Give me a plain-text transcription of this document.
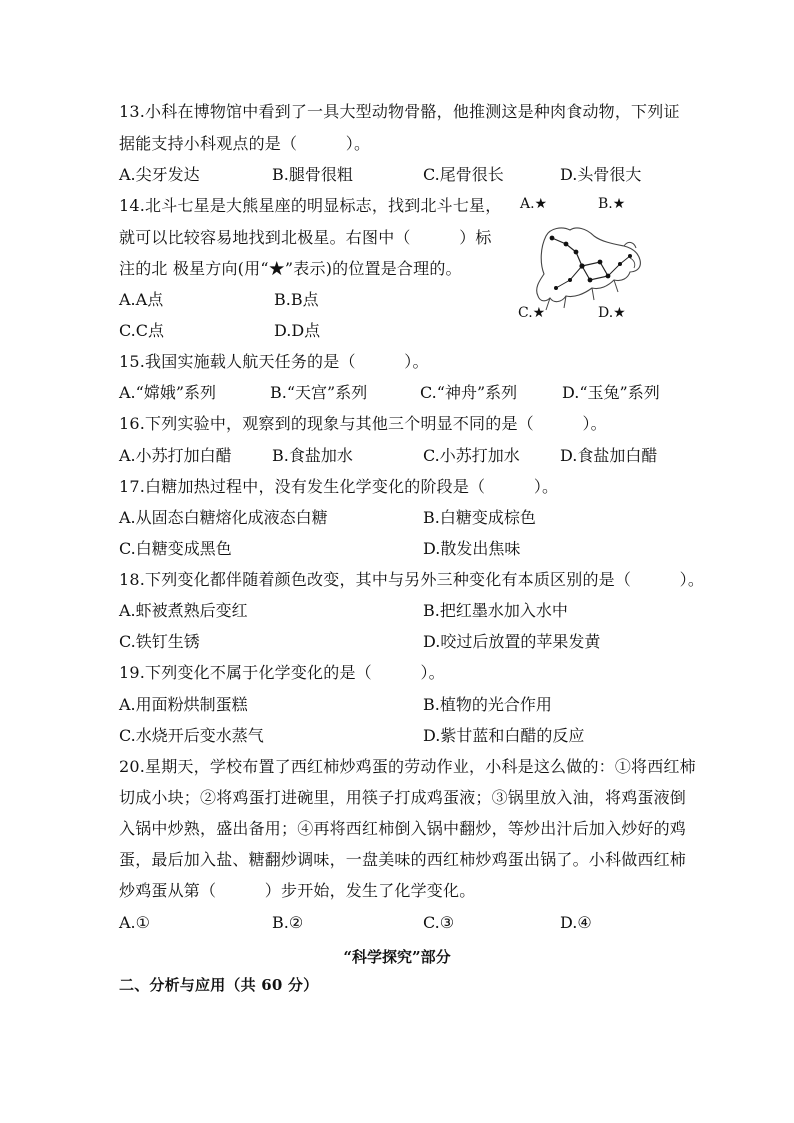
13.小科在博物馆中看到了一具大型动物骨骼，他推测这是种肉食动物，下列证
据能支持小科观点的是（　　　）。
A.尖牙发达	B.腿骨很粗	C.尾骨很长	D.头骨很大
14.北斗七星是大熊星座的明显标志，找到北斗七星，
就可以比较容易地找到北极星。右图中（　　　）标
注的北 极星方向(用“★”表示)的位置是合理的。
A.A点	B.B点
C.C点	D.D点
A.★	B.★
C.★	D.★
15.我国实施载人航天任务的是（　　　）。
A.“嫦娥”系列	B.“天宫”系列	C.“神舟”系列	D.“玉兔”系列
16.下列实验中，观察到的现象与其他三个明显不同的是（　　　）。
A.小苏打加白醋	B.食盐加水	C.小苏打加水	D.食盐加白醋
17.白糖加热过程中，没有发生化学变化的阶段是（　　　）。
A.从固态白糖熔化成液态白糖	B.白糖变成棕色
C.白糖变成黑色	D.散发出焦味
18.下列变化都伴随着颜色改变，其中与另外三种变化有本质区别的是（　　　）。
A.虾被煮熟后变红	B.把红墨水加入水中
C.铁钉生锈	D.咬过后放置的苹果发黄
19.下列变化不属于化学变化的是（　　　）。
A.用面粉烘制蛋糕	B.植物的光合作用
C.水烧开后变水蒸气	D.紫甘蓝和白醋的反应
20.星期天，学校布置了西红柿炒鸡蛋的劳动作业，小科是这么做的：①将西红柿
切成小块；②将鸡蛋打进碗里，用筷子打成鸡蛋液；③锅里放入油，将鸡蛋液倒
入锅中炒熟，盛出备用；④再将西红柿倒入锅中翻炒，等炒出汁后加入炒好的鸡
蛋，最后加入盐、糖翻炒调味，一盘美味的西红柿炒鸡蛋出锅了。小科做西红柿
炒鸡蛋从第（　　　）步开始，发生了化学变化。
A.①	B.②	C.③	D.④
“科学探究”部分
二、分析与应用（共 60 分）
